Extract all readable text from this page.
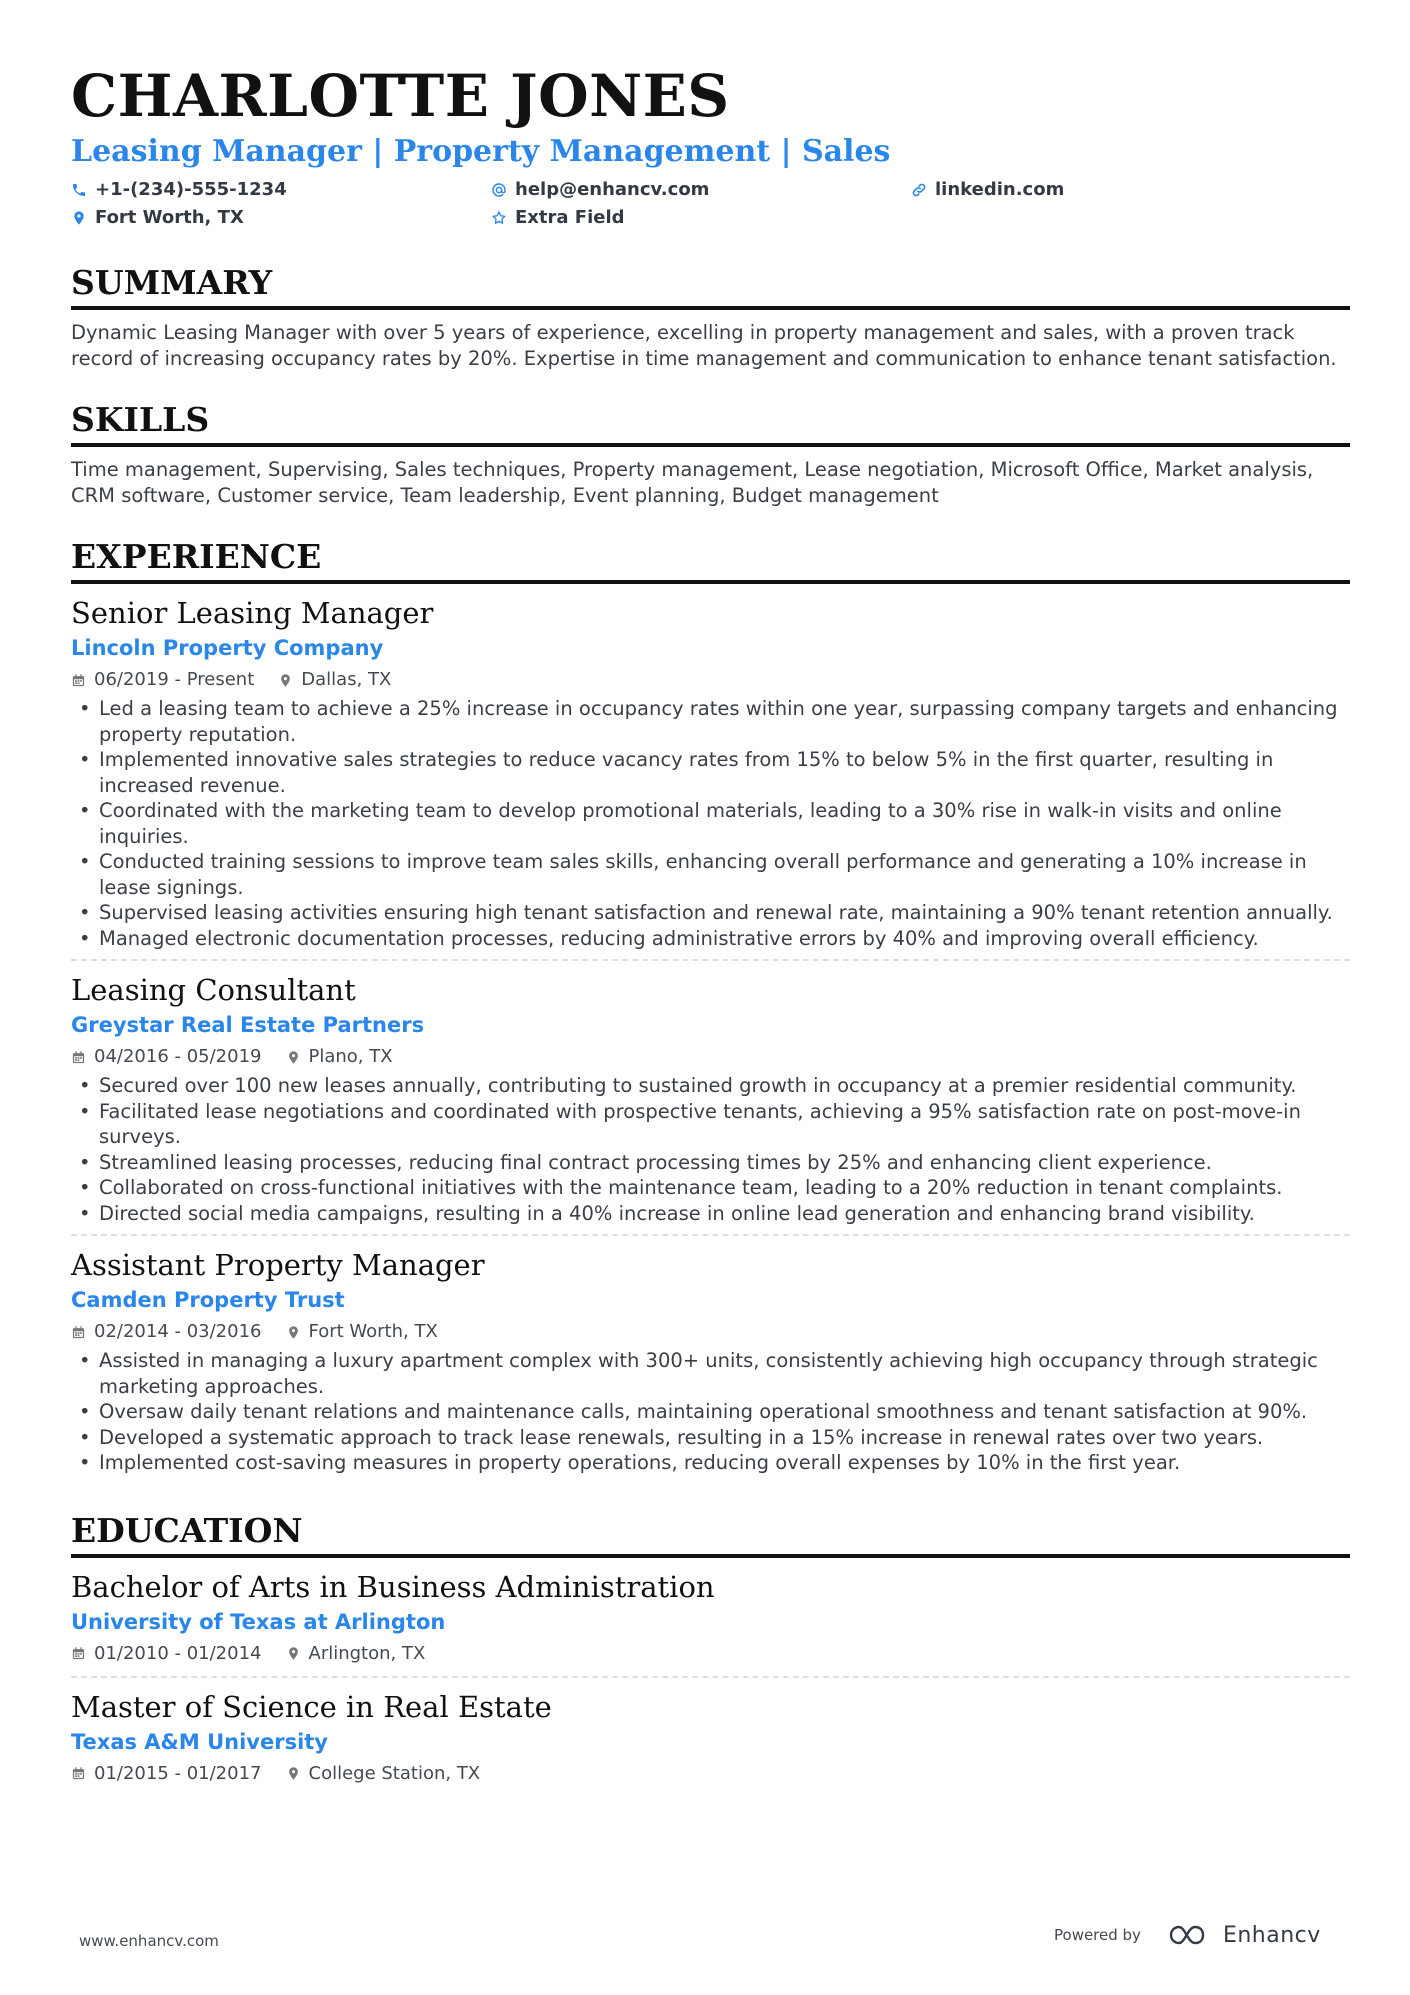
CHARLOTTE JONES
Leasing Manager | Property Management | Sales
+1-(234)-555-1234	help@enhancv.com	linkedin.com
Fort Worth, TX	Extra Field
SUMMARY
Dynamic Leasing Manager with over 5 years of experience, excelling in property management and sales, with a proven track record of increasing occupancy rates by 20%. Expertise in time management and communication to enhance tenant satisfaction.
SKILLS
Time management, Supervising, Sales techniques, Property management, Lease negotiation, Microsoft Office, Market analysis, CRM software, Customer service, Team leadership, Event planning, Budget management
EXPERIENCE
Senior Leasing Manager
Lincoln Property Company
06/2019 - Present	Dallas, TX
• Led a leasing team to achieve a 25% increase in occupancy rates within one year, surpassing company targets and enhancing property reputation.
• Implemented innovative sales strategies to reduce vacancy rates from 15% to below 5% in the first quarter, resulting in increased revenue.
• Coordinated with the marketing team to develop promotional materials, leading to a 30% rise in walk-in visits and online inquiries.
• Conducted training sessions to improve team sales skills, enhancing overall performance and generating a 10% increase in lease signings.
• Supervised leasing activities ensuring high tenant satisfaction and renewal rate, maintaining a 90% tenant retention annually.
• Managed electronic documentation processes, reducing administrative errors by 40% and improving overall efficiency.
Leasing Consultant
Greystar Real Estate Partners
04/2016 - 05/2019	Plano, TX
• Secured over 100 new leases annually, contributing to sustained growth in occupancy at a premier residential community.
• Facilitated lease negotiations and coordinated with prospective tenants, achieving a 95% satisfaction rate on post-move-in surveys.
• Streamlined leasing processes, reducing final contract processing times by 25% and enhancing client experience.
• Collaborated on cross-functional initiatives with the maintenance team, leading to a 20% reduction in tenant complaints.
• Directed social media campaigns, resulting in a 40% increase in online lead generation and enhancing brand visibility.
Assistant Property Manager
Camden Property Trust
02/2014 - 03/2016	Fort Worth, TX
• Assisted in managing a luxury apartment complex with 300+ units, consistently achieving high occupancy through strategic marketing approaches.
• Oversaw daily tenant relations and maintenance calls, maintaining operational smoothness and tenant satisfaction at 90%.
• Developed a systematic approach to track lease renewals, resulting in a 15% increase in renewal rates over two years.
• Implemented cost-saving measures in property operations, reducing overall expenses by 10% in the first year.
EDUCATION
Bachelor of Arts in Business Administration
University of Texas at Arlington
01/2010 - 01/2014	Arlington, TX
Master of Science in Real Estate
Texas A&M University
01/2015 - 01/2017	College Station, TX
www.enhancv.com	Powered by	Enhancv
